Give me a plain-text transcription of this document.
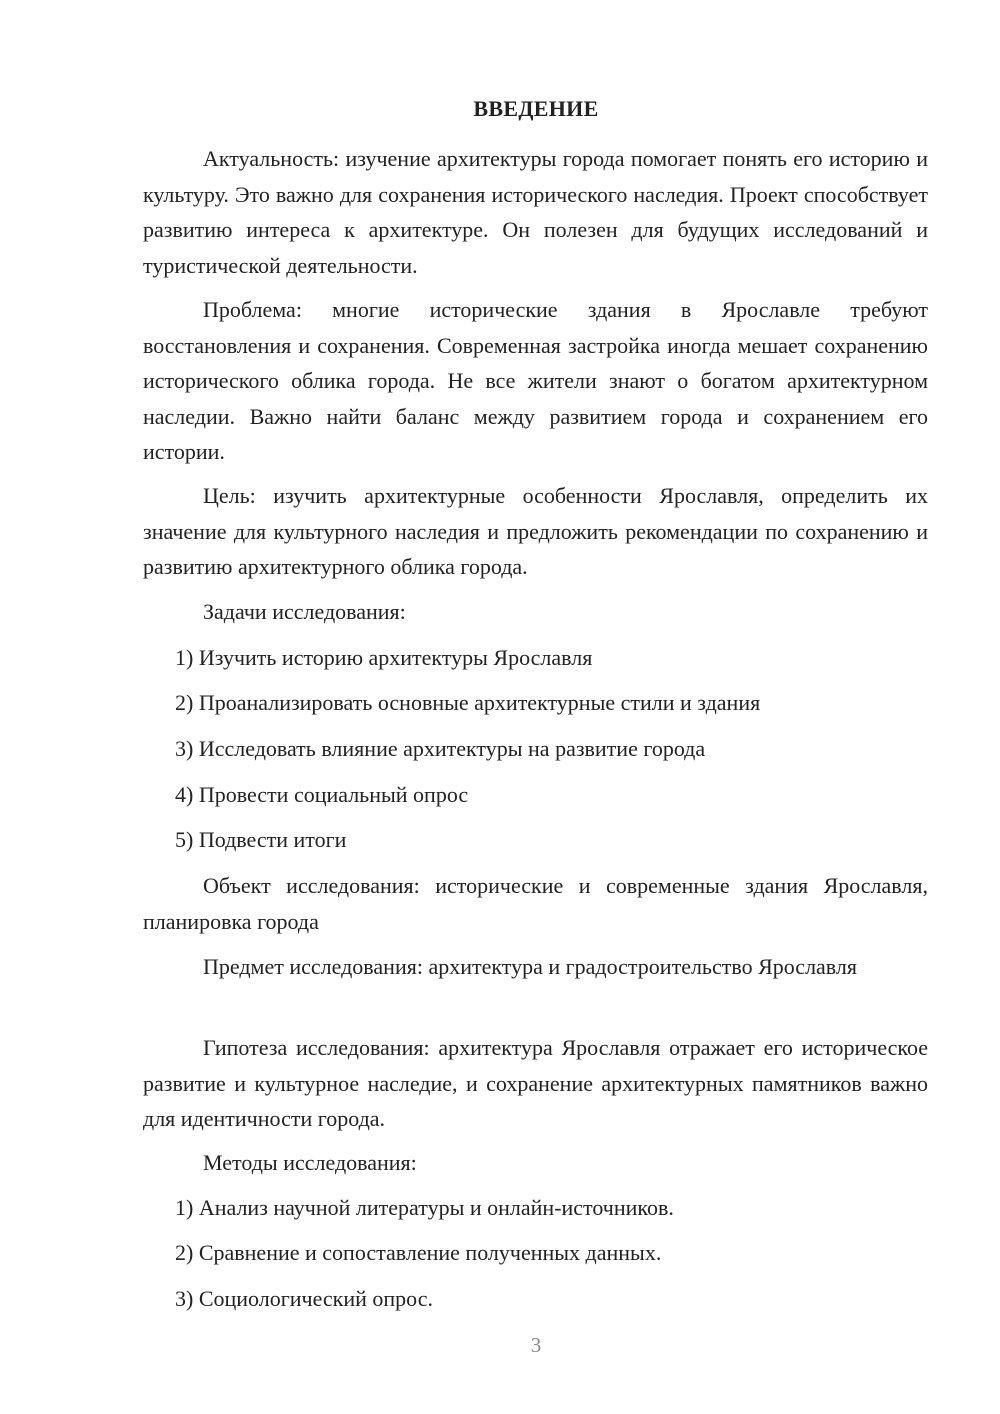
ВВЕДЕНИЕ

Актуальность: изучение архитектуры города помогает понять его историю и культуру. Это важно для сохранения исторического наследия. Проект способствует развитию интереса к архитектуре. Он полезен для будущих исследований и туристической деятельности.

Проблема: многие исторические здания в Ярославле требуют восстановления и сохранения. Современная застройка иногда мешает сохранению исторического облика города. Не все жители знают о богатом архитектурном наследии. Важно найти баланс между развитием города и сохранением его истории.

Цель: изучить архитектурные особенности Ярославля, определить их значение для культурного наследия и предложить рекомендации по сохранению и развитию архитектурного облика города.

Задачи исследования:
1) Изучить историю архитектуры Ярославля
2) Проанализировать основные архитектурные стили и здания
3) Исследовать влияние архитектуры на развитие города
4) Провести социальный опрос
5) Подвести итоги

Объект исследования: исторические и современные здания Ярославля, планировка города

Предмет исследования: архитектура и градостроительство Ярославля

Гипотеза исследования: архитектура Ярославля отражает его историческое развитие и культурное наследие, и сохранение архитектурных памятников важно для идентичности города.

Методы исследования:
1) Анализ научной литературы и онлайн-источников.
2) Сравнение и сопоставление полученных данных.
3) Социологический опрос.
3
